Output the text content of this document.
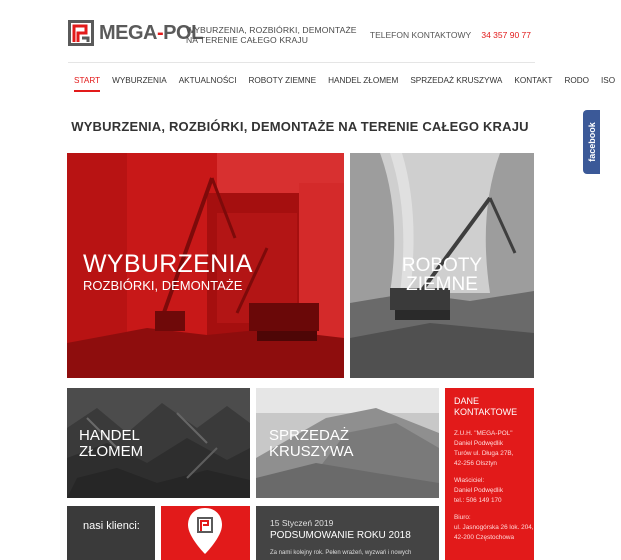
MEGA-POL
WYBURZENIA, ROZBIÓRKI, DEMONTAŻE
NA TERENIE CAŁEGO KRAJU	TELEFON KONTAKTOWY 34 357 90 77
START	WYBURZENIA	AKTUALNOŚCI	ROBOTY ZIEMNE	HANDEL ZŁOMEM	SPRZEDAŻ KRUSZYWA	KONTAKT	RODO	ISO
WYBURZENIA, ROZBIÓRKI, DEMONTAŻE NA TERENIE CAŁEGO KRAJU	facebook
WYBURZENIA
ROZBIÓRKI, DEMONTAŻE
ROBOTY
ZIEMNE
HANDEL
ZŁOMEM
SPRZEDAŻ
KRUSZYWA
DANE
KONTAKTOWE
Z.U.H. "MEGA-POL"
Daniel Podwędlik
Turów ul. Długa 27B,
42-256 Olsztyn
Właściciel:
Daniel Podwędlik
tel.: 506 149 170
Biuro:
ul. Jasnogórska 26 lok. 204,
42-200 Częstochowa
nasi klienci:	15 Styczeń 2019
PODSUMOWANIE ROKU 2018
Za nami kolejny rok. Pełen wrażeń, wyzwań i nowych
